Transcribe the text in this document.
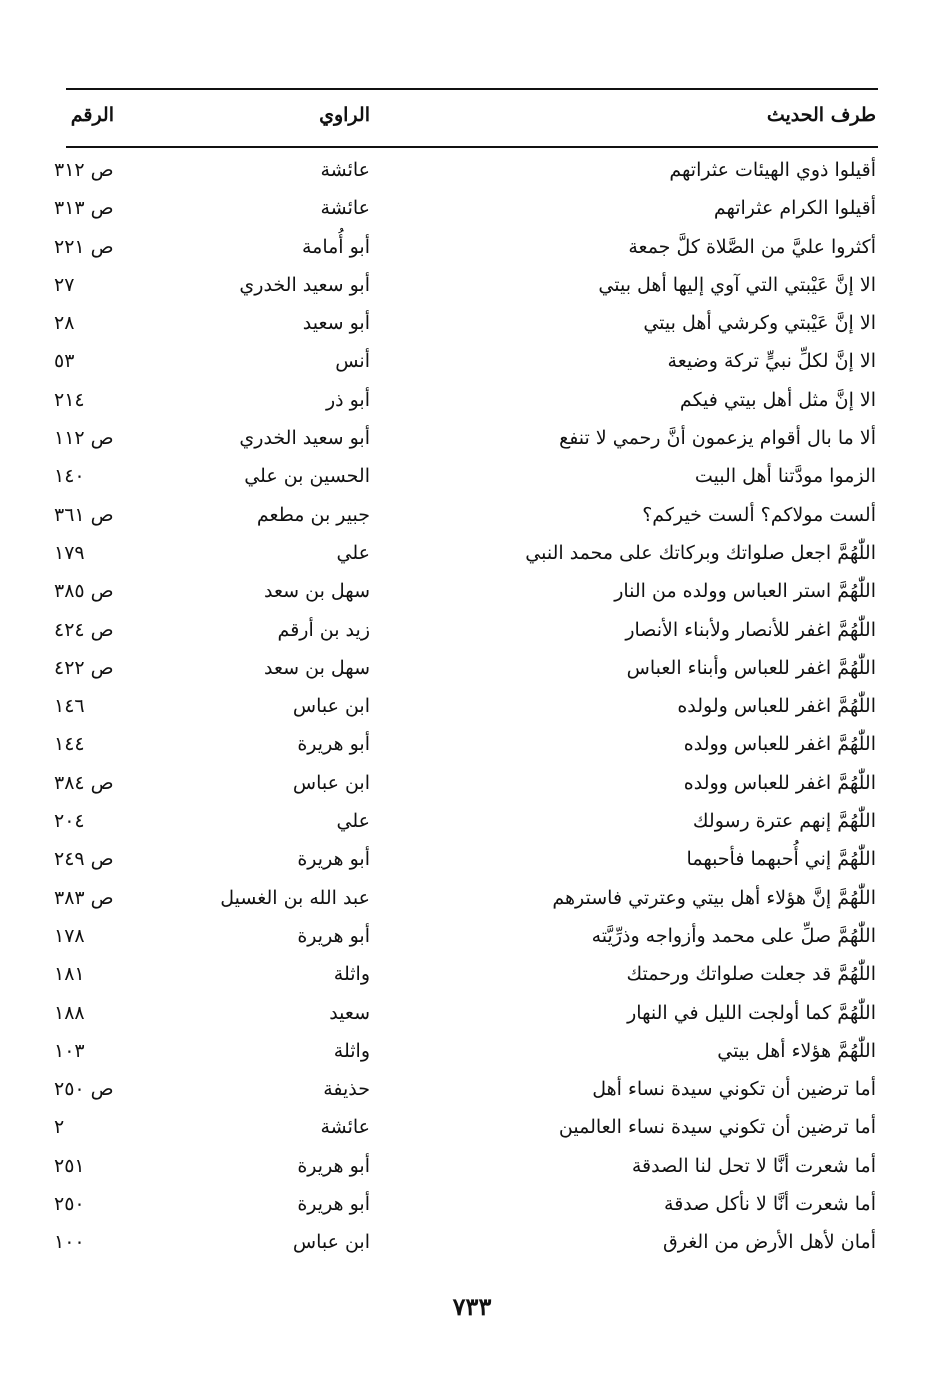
طرف الحديث
الراوي
الرقم
أقيلوا ذوي الهيئات عثراتهم
عائشة
ص ٣١٢
أقيلوا الكرام عثراتهم
عائشة
ص ٣١٣
أكثروا عليَّ من الصَّلاة كلَّ جمعة
أبو أُمامة
ص ٢٢١
الا إنَّ عَيْبتي التي آوي إليها أهل بيتي
أبو سعيد الخدري
٢٧
الا إنَّ عَيْبتي وكرشي أهل بيتي
أبو سعيد
٢٨
الا إنَّ لكلِّ نبيٍّ تركة وضيعة
أنس
٥٣
الا إنَّ مثل أهل بيتي فيكم
أبو ذر
٢١٤
ألا ما بال أقوام يزعمون أنَّ رحمي لا تنفع
أبو سعيد الخدري
ص ١١٢
الزموا مودَّتنا أهل البيت
الحسين بن علي
١٤٠
ألست مولاكم؟ ألست خيركم؟
جبير بن مطعم
ص ٣٦١
اللّٰهُمَّ اجعل صلواتك وبركاتك على محمد النبي
علي
١٧٩
اللّٰهُمَّ استر العباس وولده من النار
سهل بن سعد
ص ٣٨٥
اللّٰهُمَّ اغفر للأنصار ولأبناء الأنصار
زيد بن أرقم
ص ٤٢٤
اللّٰهُمَّ اغفر للعباس وأبناء العباس
سهل بن سعد
ص ٤٢٢
اللّٰهُمَّ اغفر للعباس ولولده
ابن عباس
١٤٦
اللّٰهُمَّ اغفر للعباس وولده
أبو هريرة
١٤٤
اللّٰهُمَّ اغفر للعباس وولده
ابن عباس
ص ٣٨٤
اللّٰهُمَّ إنهم عترة رسولك
علي
٢٠٤
اللّٰهُمَّ إني أُحبهما فأحبهما
أبو هريرة
ص ٢٤٩
اللّٰهُمَّ إنَّ هؤلاء أهل بيتي وعترتي فاسترهم
عبد الله بن الغسيل
ص ٣٨٣
اللّٰهُمَّ صلِّ على محمد وأزواجه وذرِّيَّته
أبو هريرة
١٧٨
اللّٰهُمَّ قد جعلت صلواتك ورحمتك
واثلة
١٨١
اللّٰهُمَّ كما أولجت الليل في النهار
سعيد
١٨٨
اللّٰهُمَّ هؤلاء أهل بيتي
واثلة
١٠٣
أما ترضين أن تكوني سيدة نساء أهل
حذيفة
ص ٢٥٠
أما ترضين أن تكوني سيدة نساء العالمين
عائشة
٢
أما شعرت أنَّا لا تحل لنا الصدقة
أبو هريرة
٢٥١
أما شعرت أنَّا لا نأكل صدقة
أبو هريرة
٢٥٠
أمان لأهل الأرض من الغرق
ابن عباس
١٠٠
٧٣٣
